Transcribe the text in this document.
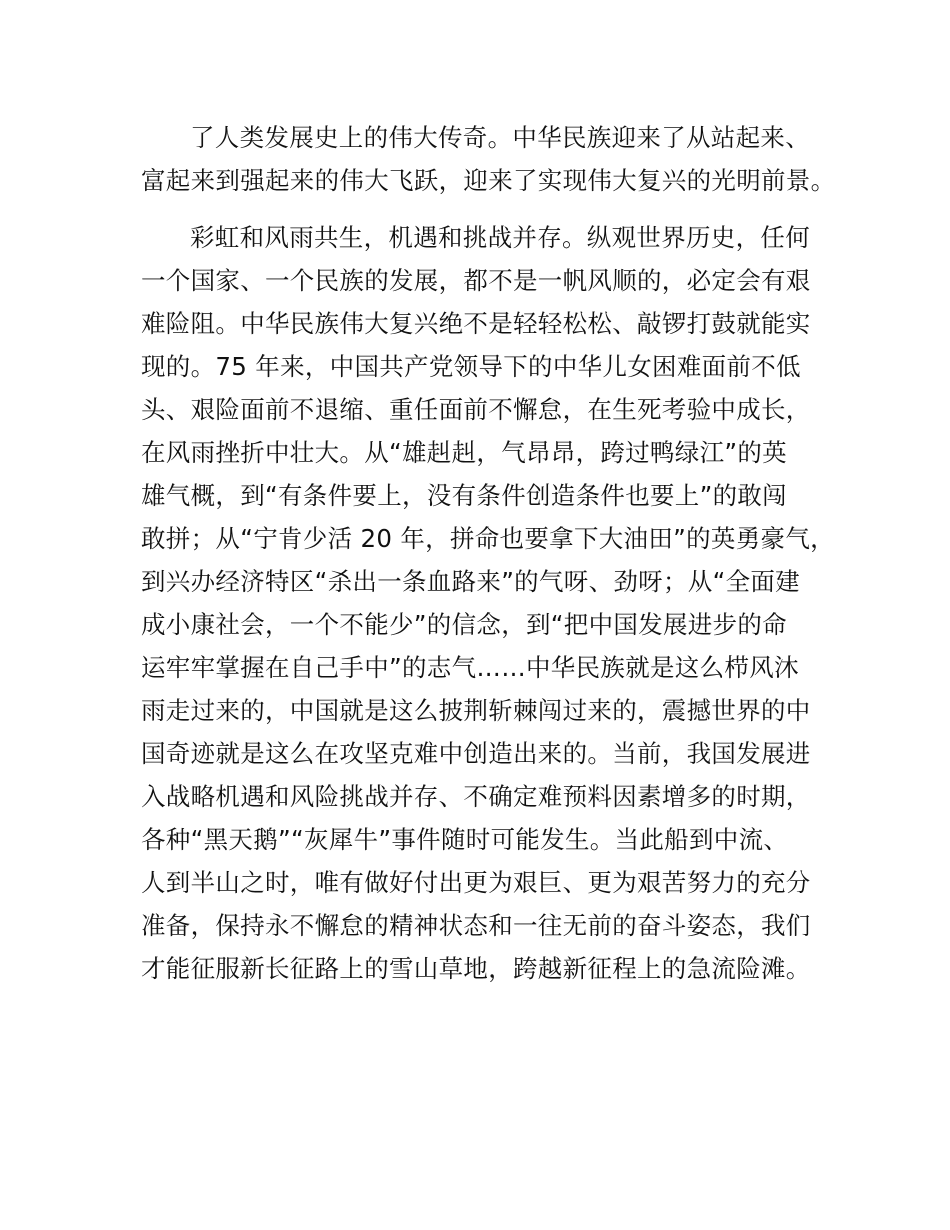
了人类发展史上的伟大传奇。中华民族迎来了从站起来、
富起来到强起来的伟大飞跃，迎来了实现伟大复兴的光明前景。
彩虹和风雨共生，机遇和挑战并存。纵观世界历史，任何
一个国家、一个民族的发展，都不是一帆风顺的，必定会有艰
难险阻。中华民族伟大复兴绝不是轻轻松松、敲锣打鼓就能实
现的。75 年来，中国共产党领导下的中华儿女困难面前不低
头、艰险面前不退缩、重任面前不懈怠，在生死考验中成长，
在风雨挫折中壮大。从“雄赳赳，气昂昂，跨过鸭绿江”的英
雄气概，到“有条件要上，没有条件创造条件也要上”的敢闯
敢拼；从“宁肯少活 20 年，拼命也要拿下大油田”的英勇豪气，
到兴办经济特区“杀出一条血路来”的气呀、劲呀；从“全面建
成小康社会，一个不能少”的信念，到“把中国发展进步的命
运牢牢掌握在自己手中”的志气……中华民族就是这么栉风沐
雨走过来的，中国就是这么披荆斩棘闯过来的，震撼世界的中
国奇迹就是这么在攻坚克难中创造出来的。当前，我国发展进
入战略机遇和风险挑战并存、不确定难预料因素增多的时期，
各种“黑天鹅”“灰犀牛”事件随时可能发生。当此船到中流、
人到半山之时，唯有做好付出更为艰巨、更为艰苦努力的充分
准备，保持永不懈怠的精神状态和一往无前的奋斗姿态，我们
才能征服新长征路上的雪山草地，跨越新征程上的急流险滩。
